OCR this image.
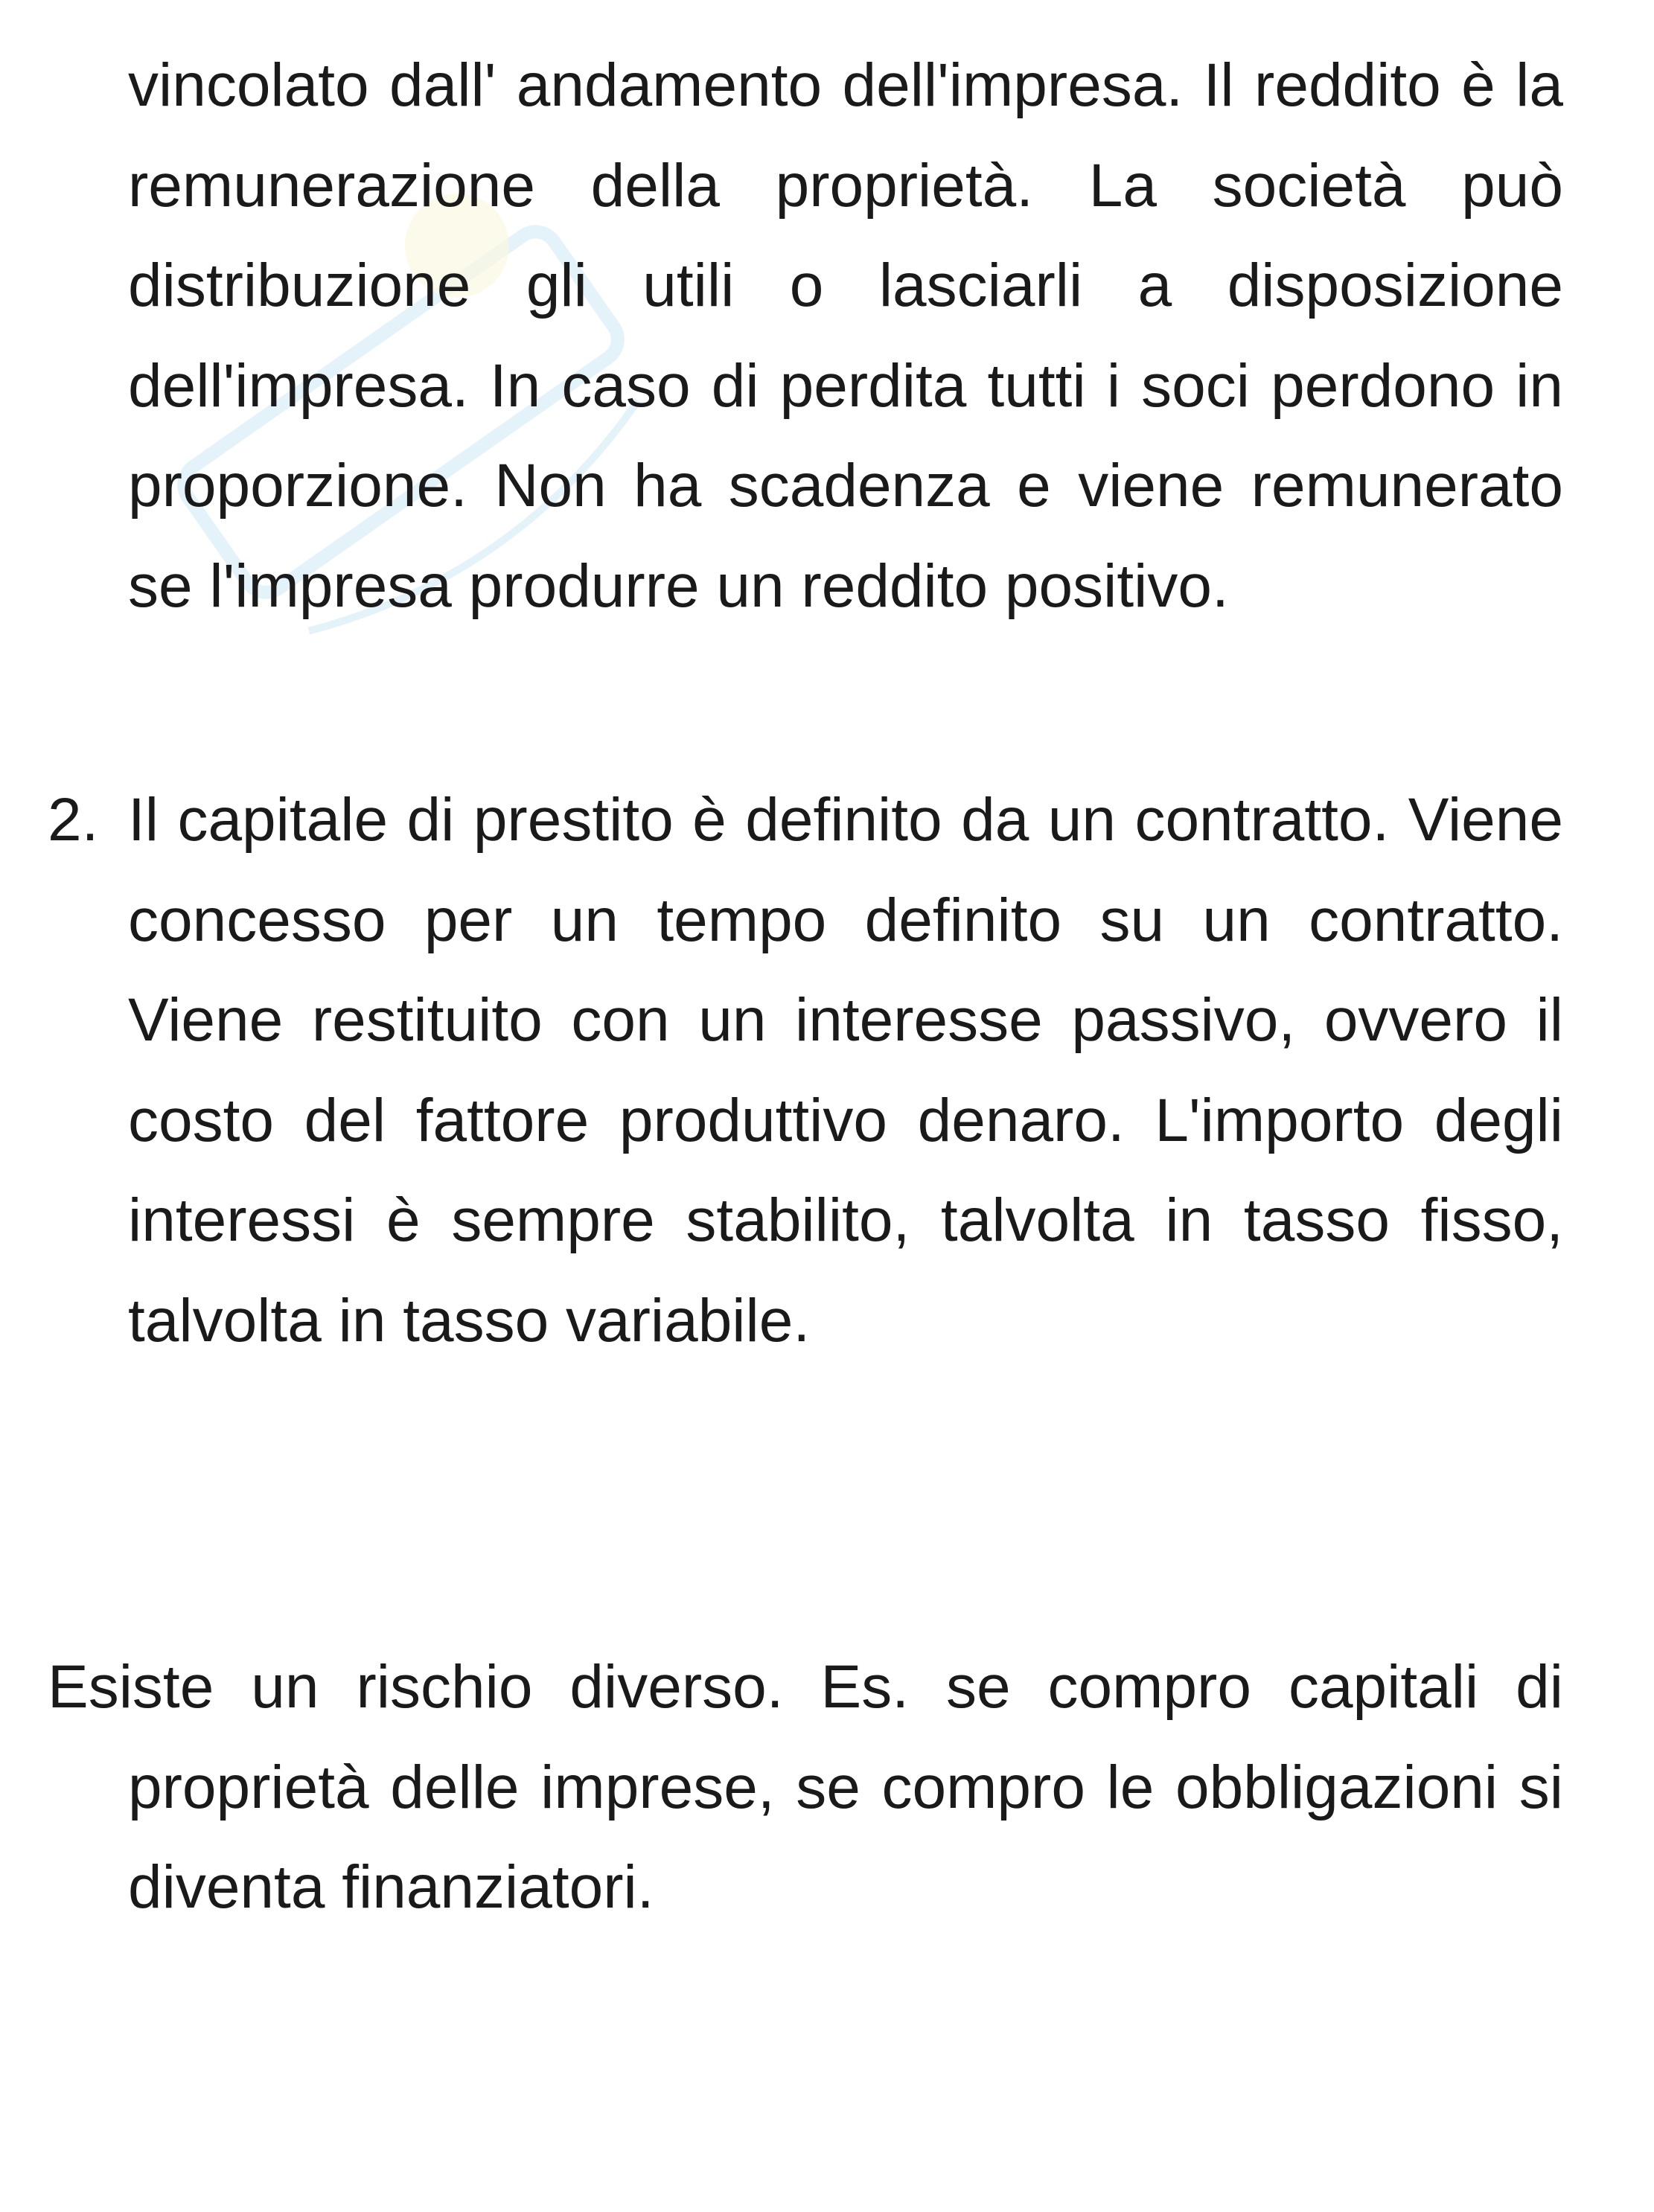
vincolato dall' andamento dell'impresa. Il reddito è la remunerazione della proprietà. La società può distribuzione gli utili o lasciarli a disposizione dell'impresa. In caso di perdita tutti i soci perdono in proporzione. Non ha scadenza e viene remunerato se l'impresa produrre un reddito positivo.

2. Il capitale di prestito è definito da un contratto. Viene concesso per un tempo definito su un contratto. Viene restituito con un interesse passivo, ovvero il costo del fattore produttivo denaro. L'importo degli interessi è sempre stabilito, talvolta in tasso fisso, talvolta in tasso variabile.

Esiste un rischio diverso. Es. se compro capitali di proprietà delle imprese, se compro le obbligazioni si diventa finanziatori.
